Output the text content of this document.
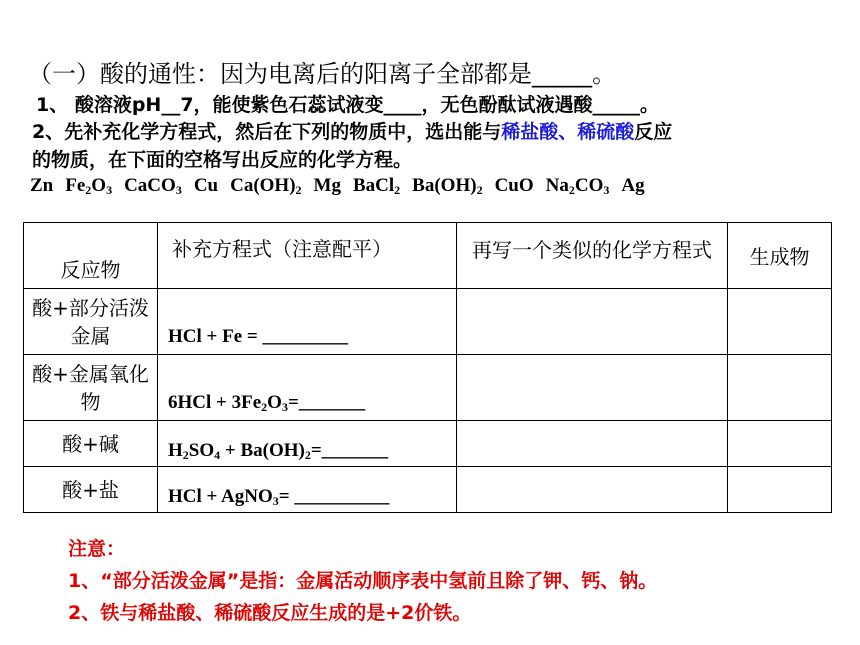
（一）酸的通性：因为电离后的阳离子全部都是_____。
1、 酸溶液pH__7，能使紫色石蕊试液变____，无色酚酞试液遇酸_____。
2、先补充化学方程式，然后在下列的物质中，选出能与稀盐酸、稀硫酸反应
的物质，在下面的空格写出反应的化学方程。
Zn $Fe_2O_3$ CaCO$_3$ Cu $Ca(OH)_2$ Mg BaCl$_2$ $Ba(OH)_2$ CuO $Na_2CO_3$ Ag
反应物	补充方程式（注意配平）	再写一个类似的化学方程式	生成物
酸+部分活泼金属	HCl + Fe = _________		

酸+金属氧化物	$6HCl + 3Fe_2O_3=\_\_\_\_\_\_\_$		

酸+碱	$H_2SO_4$ + $Ba(OH)_2=\_\_\_\_\_\_\_$		

酸+盐	HCl + AgNO$_3$= __________		

注意：
1、“部分活泼金属”是指：金属活动顺序表中氢前且除了钾、钙、钠。
2、铁与稀盐酸、稀硫酸反应生成的是+2价铁。
